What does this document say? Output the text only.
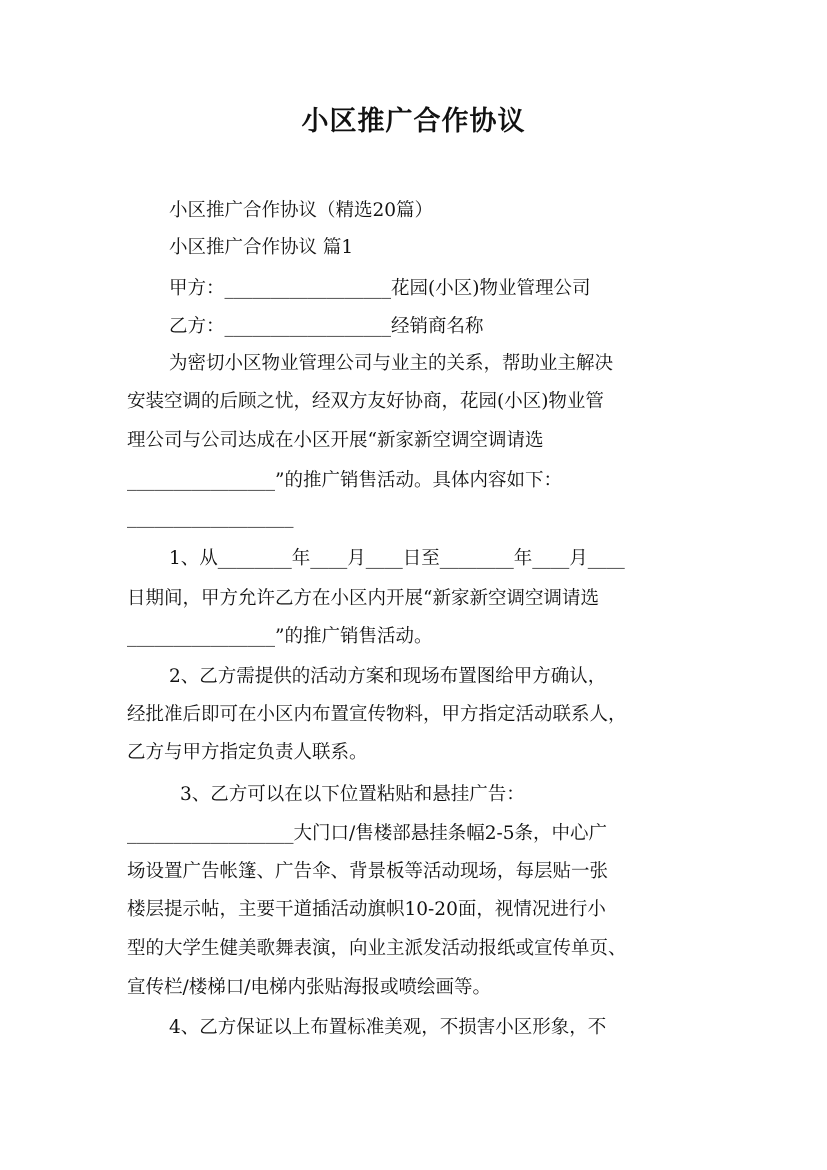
小区推广合作协议
小区推广合作协议（精选20篇）
小区推广合作协议 篇1
甲方：__________________花园(小区)物业管理公司
乙方：__________________经销商名称
为密切小区物业管理公司与业主的关系，帮助业主解决
安装空调的后顾之忧，经双方友好协商，花园(小区)物业管
理公司与公司达成在小区开展“新家新空调空调请选
________________”的推广销售活动。具体内容如下：
__________________
1、从________年____月____日至________年____月____
日期间，甲方允许乙方在小区内开展“新家新空调空调请选
________________”的推广销售活动。
2、乙方需提供的活动方案和现场布置图给甲方确认，
经批准后即可在小区内布置宣传物料，甲方指定活动联系人，
乙方与甲方指定负责人联系。
3、乙方可以在以下位置粘贴和悬挂广告：
__________________大门口/售楼部悬挂条幅2-5条，中心广
场设置广告帐篷、广告伞、背景板等活动现场，每层贴一张
楼层提示帖，主要干道插活动旗帜10-20面，视情况进行小
型的大学生健美歌舞表演，向业主派发活动报纸或宣传单页、
宣传栏/楼梯口/电梯内张贴海报或喷绘画等。
4、乙方保证以上布置标准美观，不损害小区形象，不
